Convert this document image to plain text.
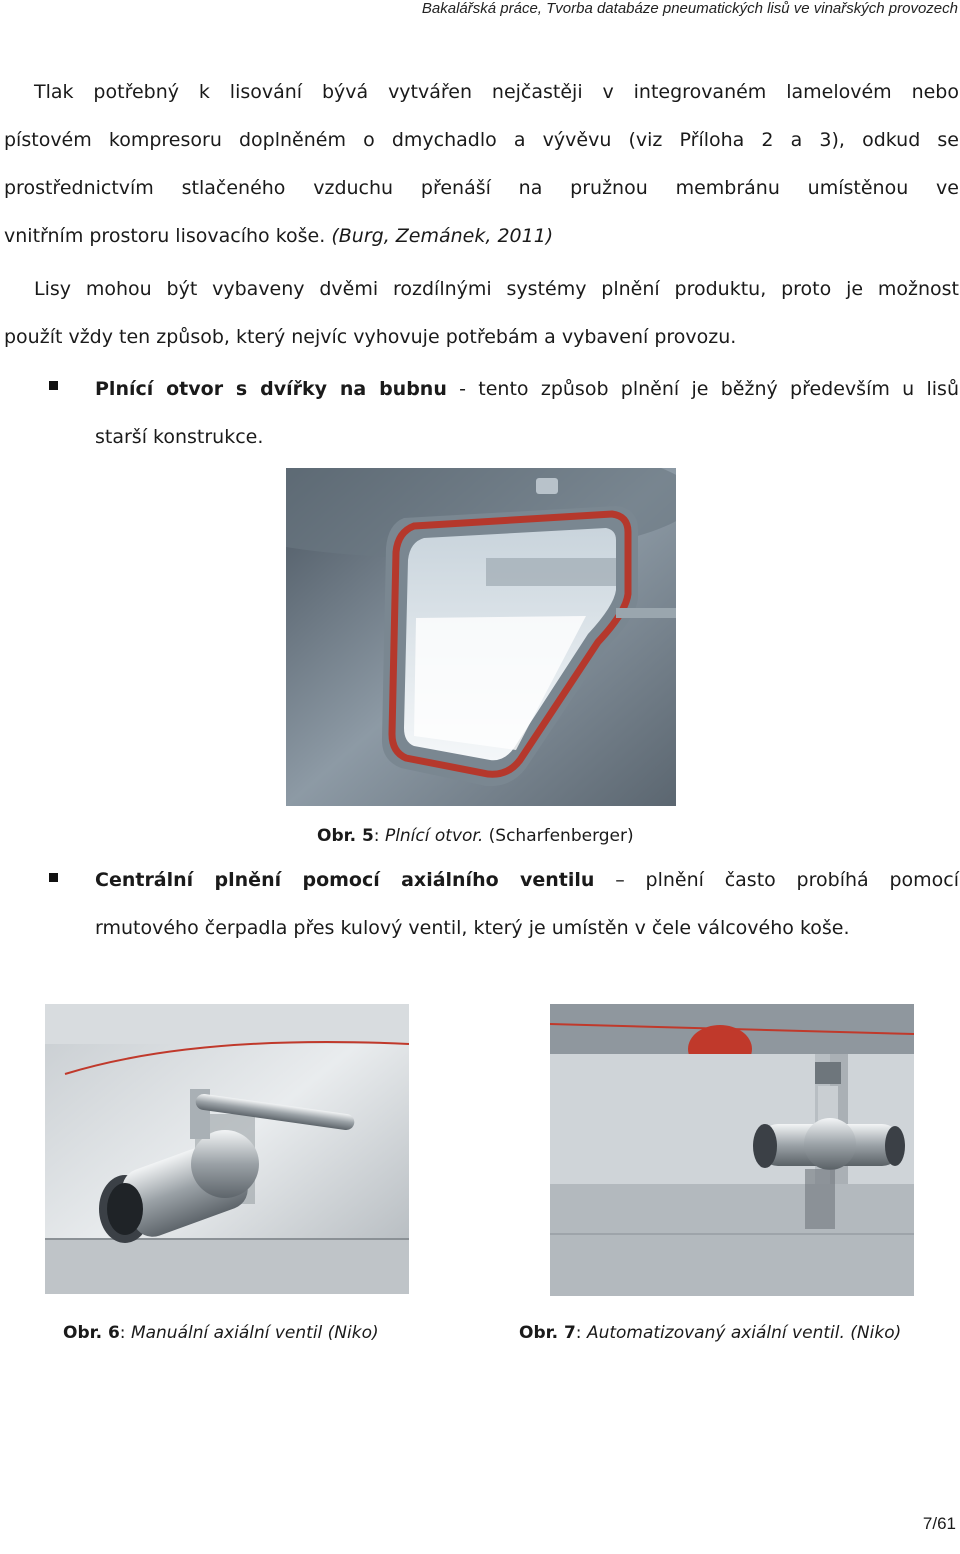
Bakalářská práce, Tvorba databáze pneumatických lisů ve vinařských provozech
Tlak potřebný k lisování bývá vytvářen nejčastěji v integrovaném lamelovém nebo
pístovém kompresoru doplněném o dmychadlo a vývěvu (viz Příloha 2 a 3), odkud se
prostřednictvím stlačeného vzduchu přenáší na pružnou membránu umístěnou ve
vnitřním prostoru lisovacího koše. (Burg, Zemánek, 2011)
Lisy mohou být vybaveny dvěmi rozdílnými systémy plnění produktu, proto je možnost
použít vždy ten způsob, který nejvíc vyhovuje potřebám a vybavení provozu.
Plnící otvor s dvířky na bubnu - tento způsob plnění je běžný především u lisů
starší konstrukce.
Obr. 5: Plnící otvor. (Scharfenberger)
Centrální plnění pomocí axiálního ventilu – plnění často probíhá pomocí
rmutového čerpadla přes kulový ventil, který je umístěn v čele válcového koše.
Obr. 6: Manuální axiální ventil (Niko)	Obr. 7: Automatizovaný axiální ventil. (Niko)
7/61
